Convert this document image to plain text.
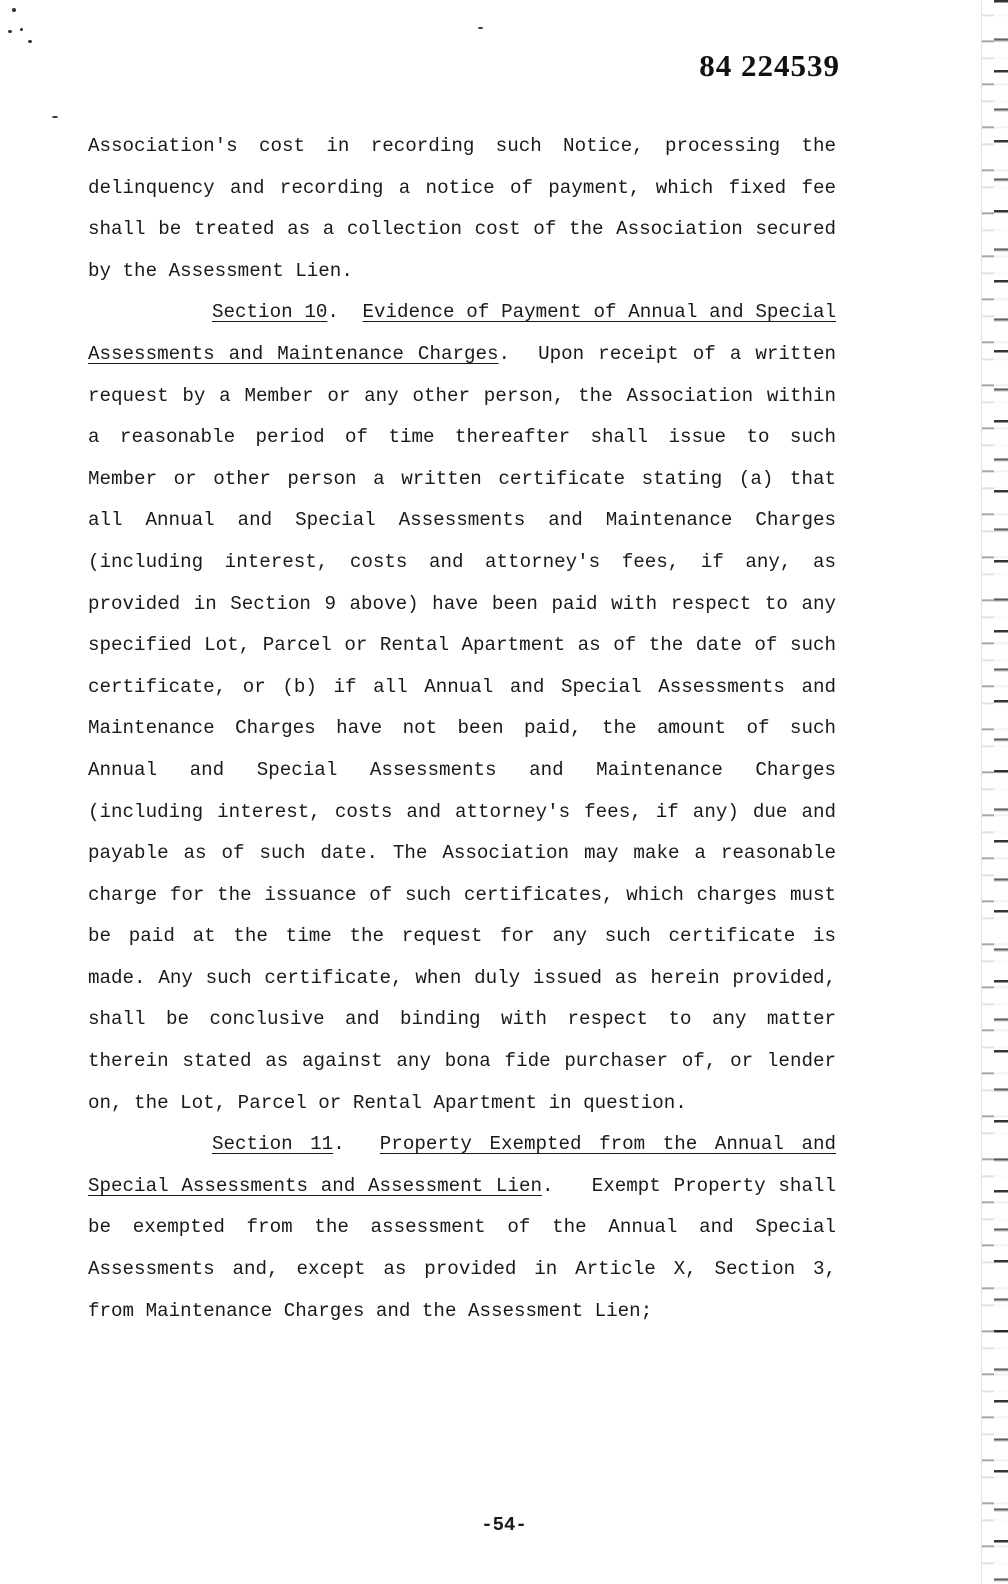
84 224539

Association's cost in recording such Notice, processing the delinquency and recording a notice of payment, which fixed fee shall be treated as a collection cost of the Association secured by the Assessment Lien.

Section 10.  Evidence of Payment of Annual and Special Assessments and Maintenance Charges.  Upon receipt of a written request by a Member or any other person, the Association within a reasonable period of time thereafter shall issue to such Member or other person a written certificate stating (a) that all Annual and Special Assessments and Maintenance Charges (including interest, costs and attorney's fees, if any, as provided in Section 9 above) have been paid with respect to any specified Lot, Parcel or Rental Apartment as of the date of such certificate, or (b) if all Annual and Special Assessments and Maintenance Charges have not been paid, the amount of such Annual and Special Assessments and Maintenance Charges (including interest, costs and attorney's fees, if any) due and payable as of such date. The Association may make a reasonable charge for the issuance of such certificates, which charges must be paid at the time the request for any such certificate is made. Any such certificate, when duly issued as herein provided, shall be conclusive and binding with respect to any matter therein stated as against any bona fide purchaser of, or lender on, the Lot, Parcel or Rental Apartment in question.

Section 11.  Property Exempted from the Annual and Special Assessments and Assessment Lien.   Exempt Property shall be exempted from the assessment of the Annual and Special Assessments and, except as provided in Article X, Section 3, from Maintenance Charges and the Assessment Lien;

-54-
